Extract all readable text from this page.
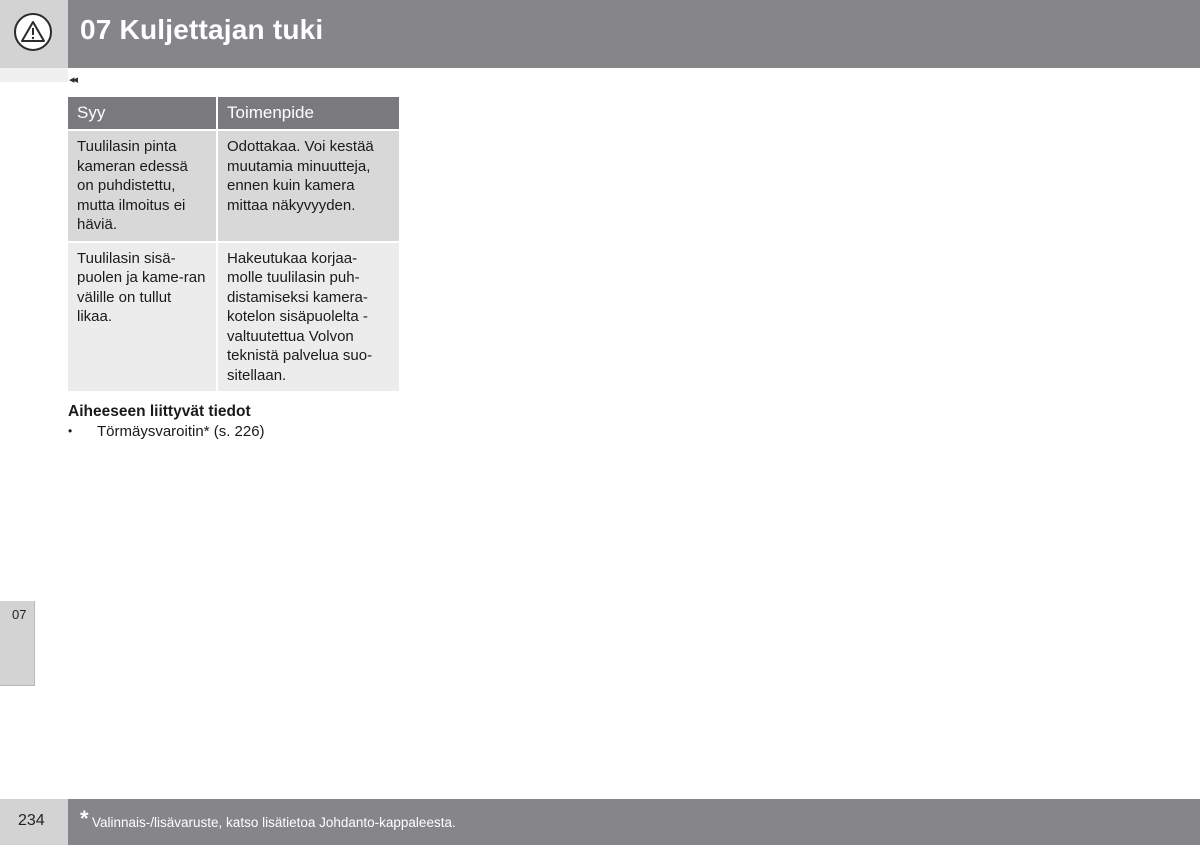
07 Kuljettajan tuki
◂◂
Syy	Toimenpide
Tuulilasin pinta kameran edessä on puhdistettu, mutta ilmoitus ei häviä.	Odottakaa. Voi kestää muutamia minuutteja, ennen kuin kamera mittaa näkyvyyden.
Tuulilasin sisä-puolen ja kame-ran välille on tullut likaa.	Hakeutukaa korjaa-molle tuulilasin puh-distamiseksi kamera-kotelon sisäpuolelta - valtuutettua Volvon teknistä palvelua suo-sitellaan.
Aiheeseen liittyvät tiedot
• Törmäysvaroitin* (s. 226)
07
234 * Valinnais-/lisävaruste, katso lisätietoa Johdanto-kappaleesta.
